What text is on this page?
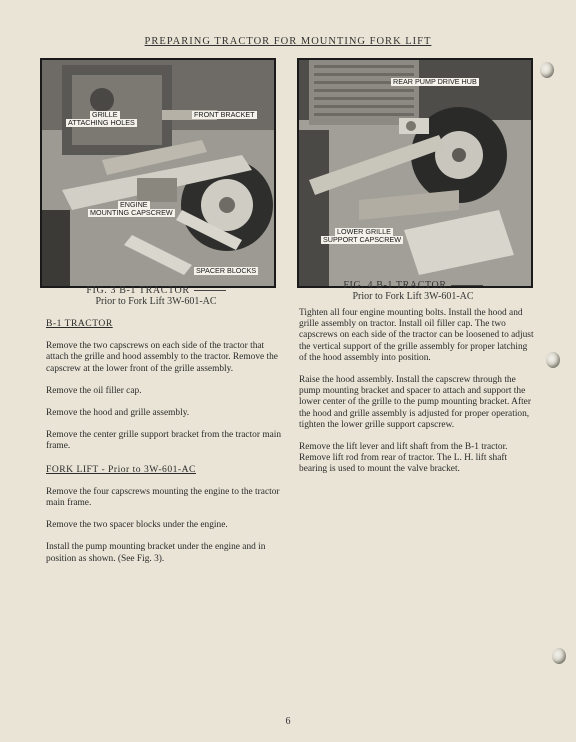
PREPARING TRACTOR FOR MOUNTING FORK LIFT
GRILLE
ATTACHING HOLES
FRONT BRACKET
ENGINE
MOUNTING CAPSCREW
SPACER BLOCKS
FIG. 3 B-1 TRACTOR
Prior to Fork Lift 3W-601-AC
REAR PUMP DRIVE HUB
LOWER GRILLE
SUPPORT CAPSCREW
FIG. 4 B-1 TRACTOR
Prior to Fork Lift 3W-601-AC
B-1 TRACTOR

Remove the two capscrews on each side of the tractor that attach the grille and hood assembly to the tractor. Remove the capscrew at the lower front of the grille assembly.

Remove the oil filler cap.

Remove the hood and grille assembly.

Remove the center grille support bracket from the tractor main frame.

FORK LIFT - Prior to 3W-601-AC

Remove the four capscrews mounting the engine to the tractor main frame.

Remove the two spacer blocks under the engine.

Install the pump mounting bracket under the engine and in position as shown. (See Fig. 3).

Tighten all four engine mounting bolts. Install the hood and grille assembly on tractor. Install oil filler cap. The two capscrews on each side of the tractor can be loosened to adjust the vertical support of the grille assembly for proper latching of the hood assembly into position.

Raise the hood assembly. Install the capscrew through the pump mounting bracket and spacer to attach and support the lower center of the grille to the pump mounting bracket. After the hood and grille assembly is adjusted for proper operation, tighten the lower grille support capscrew.

Remove the lift lever and lift shaft from the B-1 tractor. Remove lift rod from rear of tractor. The L. H. lift shaft bearing is used to mount the valve bracket.

6
